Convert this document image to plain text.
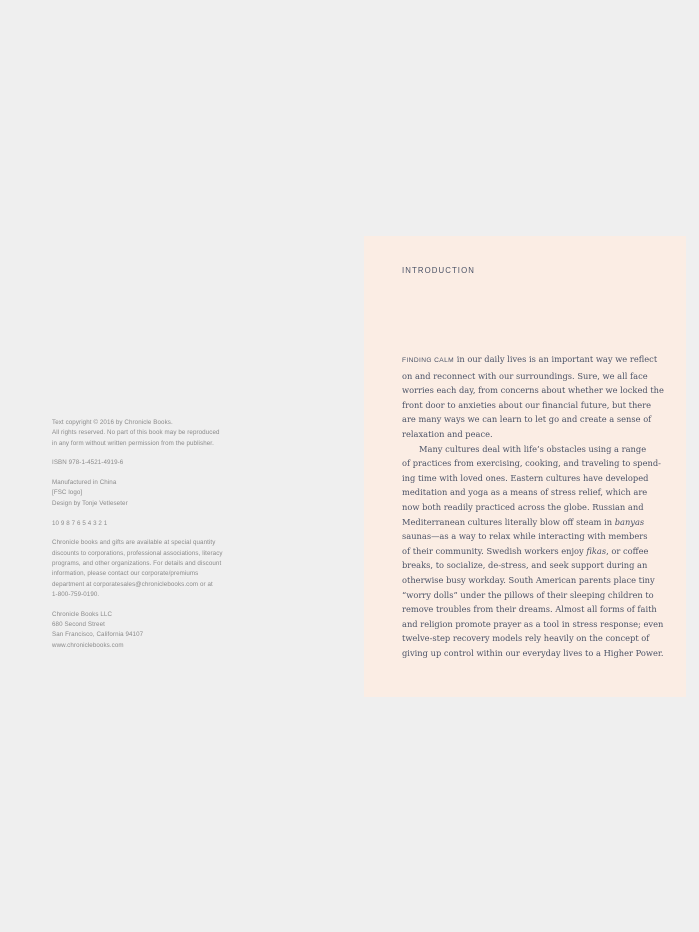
Text copyright © 2016 by Chronicle Books.
All rights reserved. No part of this book may be reproduced
in any form without written permission from the publisher.
ISBN 978-1-4521-4919-6
Manufactured in China
[FSC logo]
Design by Tonje Vetleseter
10 9 8 7 6 5 4 3 2 1
Chronicle books and gifts are available at special quantity
discounts to corporations, professional associations, literacy
programs, and other organizations. For details and discount
information, please contact our corporate/premiums
department at corporatesales@chroniclebooks.com or at
1-800-759-0190.
Chronicle Books LLC
680 Second Street
San Francisco, California 94107
www.chroniclebooks.com
INTRODUCTION
FINDING CALM in our daily lives is an important way we reflect
on and reconnect with our surroundings. Sure, we all face
worries each day, from concerns about whether we locked the
front door to anxieties about our financial future, but there
are many ways we can learn to let go and create a sense of
relaxation and peace.
Many cultures deal with life’s obstacles using a range
of practices from exercising, cooking, and traveling to spend-
ing time with loved ones. Eastern cultures have developed
meditation and yoga as a means of stress relief, which are
now both readily practiced across the globe. Russian and
Mediterranean cultures literally blow off steam in banyas
saunas—as a way to relax while interacting with members
of their community. Swedish workers enjoy fikas, or coffee
breaks, to socialize, de-stress, and seek support during an
otherwise busy workday. South American parents place tiny
“worry dolls” under the pillows of their sleeping children to
remove troubles from their dreams. Almost all forms of faith
and religion promote prayer as a tool in stress response; even
twelve-step recovery models rely heavily on the concept of
giving up control within our everyday lives to a Higher Power.
